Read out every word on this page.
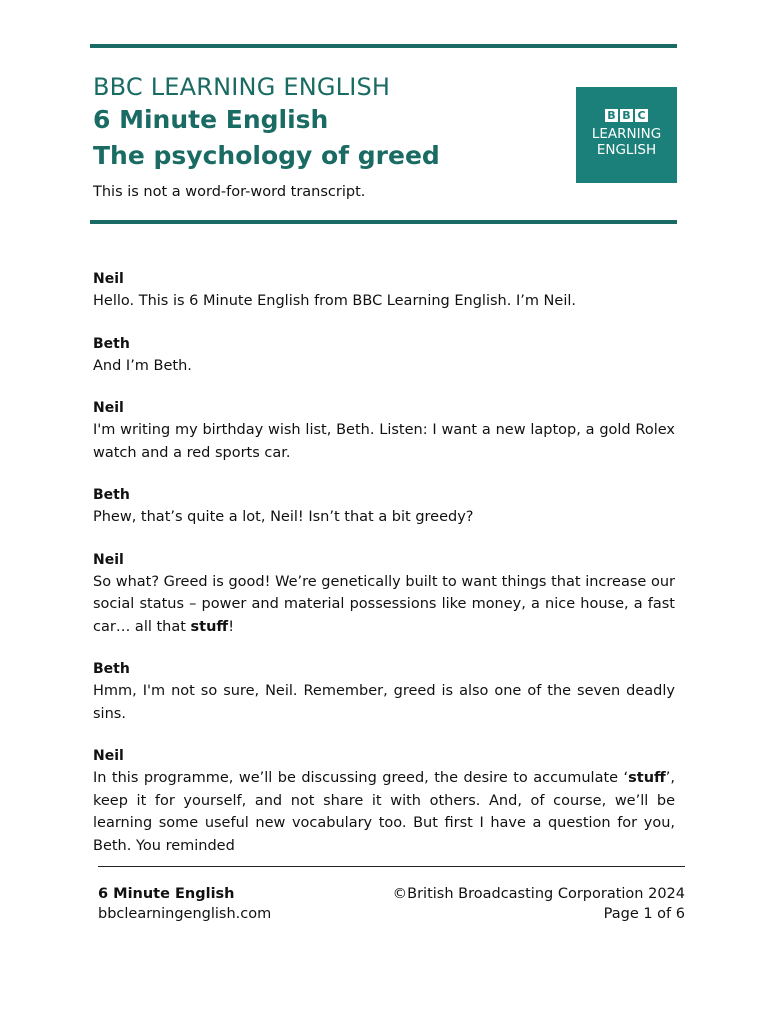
BBC LEARNING ENGLISH
6 Minute English
The psychology of greed
This is not a word-for-word transcript.
B B C
LEARNING
ENGLISH
Neil
Hello. This is 6 Minute English from BBC Learning English. I’m Neil.
Beth
And I’m Beth.
Neil
I'm writing my birthday wish list, Beth. Listen: I want a new laptop, a gold Rolex watch and a red sports car.
Beth
Phew, that’s quite a lot, Neil! Isn’t that a bit greedy?
Neil
So what? Greed is good! We’re genetically built to want things that increase our social status – power and material possessions like money, a nice house, a fast car… all that stuff!
Beth
Hmm, I'm not so sure, Neil. Remember, greed is also one of the seven deadly sins.
Neil
In this programme, we’ll be discussing greed, the desire to accumulate ‘stuff’, keep it for yourself, and not share it with others. And, of course, we’ll be learning some useful new vocabulary too. But first I have a question for you, Beth. You reminded
6 Minute English
bbclearningenglish.com
©British Broadcasting Corporation 2024
Page 1 of 6
